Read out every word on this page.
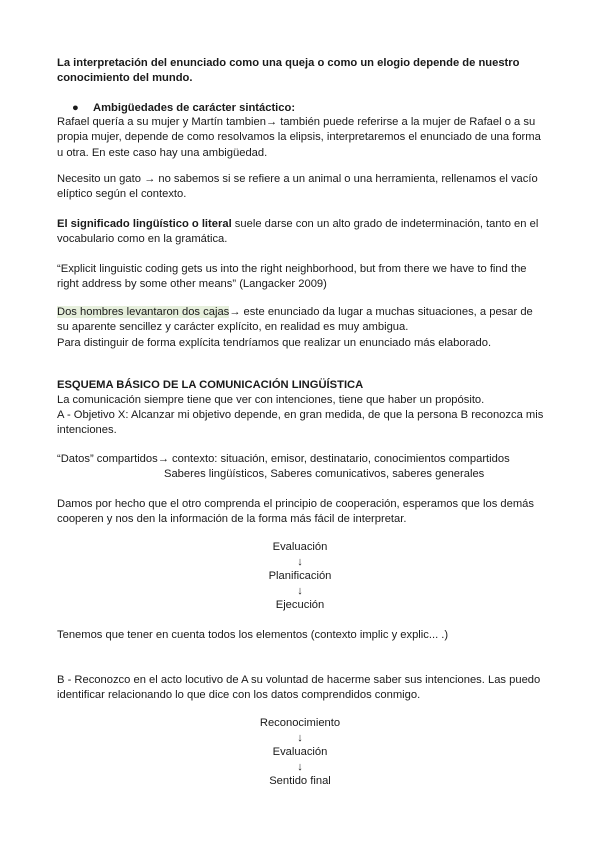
La interpretación del enunciado como una queja o como un elogio depende de nuestro conocimiento del mundo.
● Ambigüedades de carácter sintáctico:
Rafael quería a su mujer y Martín tambien→ también puede referirse a la mujer de Rafael o a su propia mujer, depende de como resolvamos la elipsis, interpretaremos el enunciado de una forma u otra. En este caso hay una ambigüedad.
Necesito un gato → no sabemos si se refiere a un animal o una herramienta, rellenamos el vacío elíptico según el contexto.
El significado lingüístico o literal suele darse con un alto grado de indeterminación, tanto en el vocabulario como en la gramática.
“Explicit linguistic coding gets us into the right neighborhood, but from there we have to find the right address by some other means” (Langacker 2009)
Dos hombres levantaron dos cajas→ este enunciado da lugar a muchas situaciones, a pesar de su aparente sencillez y carácter explícito, en realidad es muy ambigua.
Para distinguir de forma explícita tendríamos que realizar un enunciado más elaborado.
ESQUEMA BÁSICO DE LA COMUNICACIÓN LINGÜÍSTICA
La comunicación siempre tiene que ver con intenciones, tiene que haber un propósito.
A - Objetivo X: Alcanzar mi objetivo depende, en gran medida, de que la persona B reconozca mis intenciones.
“Datos” compartidos→ contexto: situación, emisor, destinatario, conocimientos compartidos
Saberes lingüísticos, Saberes comunicativos, saberes generales
Damos por hecho que el otro comprenda el principio de cooperación, esperamos que los demás cooperen y nos den la información de la forma más fácil de interpretar.
Evaluación
↓
Planificación
↓
Ejecución
Tenemos que tener en cuenta todos los elementos (contexto implic y explic... .)
B - Reconozco en el acto locutivo de A su voluntad de hacerme saber sus intenciones. Las puedo identificar relacionando lo que dice con los datos comprendidos conmigo.
Reconocimiento
↓
Evaluación
↓
Sentido final
